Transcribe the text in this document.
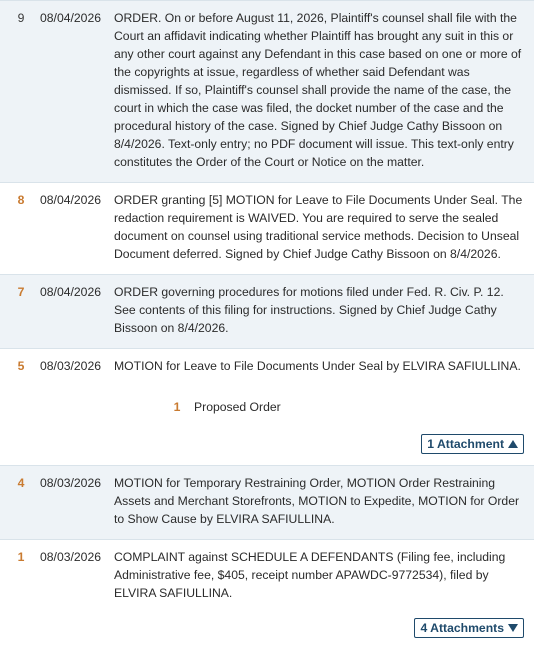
9	08/04/2026	ORDER. On or before August 11, 2026, Plaintiff's counsel shall file with the Court an affidavit indicating whether Plaintiff has brought any suit in this or any other court against any Defendant in this case based on one or more of the copyrights at issue, regardless of whether said Defendant was dismissed. If so, Plaintiff's counsel shall provide the name of the case, the court in which the case was filed, the docket number of the case and the procedural history of the case. Signed by Chief Judge Cathy Bissoon on 8/4/2026. Text-only entry; no PDF document will issue. This text-only entry constitutes the Order of the Court or Notice on the matter.
8	08/04/2026	ORDER granting [5] MOTION for Leave to File Documents Under Seal. The redaction requirement is WAIVED. You are required to serve the sealed document on counsel using traditional service methods. Decision to Unseal Document deferred. Signed by Chief Judge Cathy Bissoon on 8/4/2026.
7	08/04/2026	ORDER governing procedures for motions filed under Fed. R. Civ. P. 12. See contents of this filing for instructions. Signed by Chief Judge Cathy Bissoon on 8/4/2026.
5	08/03/2026	MOTION for Leave to File Documents Under Seal by ELVIRA SAFIULLINA.
1	Proposed Order
1 Attachment
4	08/03/2026	MOTION for Temporary Restraining Order, MOTION Order Restraining Assets and Merchant Storefronts, MOTION to Expedite, MOTION for Order to Show Cause by ELVIRA SAFIULLINA.
1	08/03/2026	COMPLAINT against SCHEDULE A DEFENDANTS (Filing fee, including Administrative fee, $405, receipt number APAWDC-9772534), filed by ELVIRA SAFIULLINA.
4 Attachments
